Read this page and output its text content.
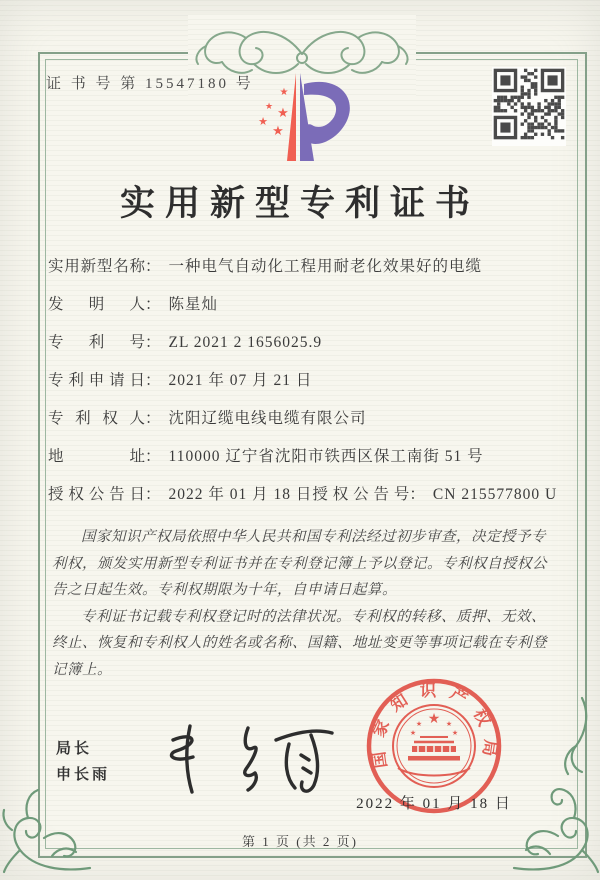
证 书 号 第 15547180 号
★
★ ★
★
★
实用新型专利证书
实用新型名称： 一种电气自动化工程用耐老化效果好的电缆
发明人： 陈星灿
专利号： ZL 2021 2 1656025.9
专利申请日： 2021 年 07 月 21 日
专利权人： 沈阳辽缆电线电缆有限公司
地址： 110000 辽宁省沈阳市铁西区保工南街 51 号
授权公告日： 2022 年 01 月 18 日 授权公告号： CN 215577800 U

国家知识产权局依照中华人民共和国专利法经过初步审查，决定授予专利权，颁发实用新型专利证书并在专利登记簿上予以登记。专利权自授权公告之日起生效。专利权期限为十年，自申请日起算。

专利证书记载专利权登记时的法律状况。专利权的转移、质押、无效、终止、恢复和专利权人的姓名或名称、国籍、地址变更等事项记载在专利登记簿上。

局长
申长雨
国家知识产权局
★
★	★
★	★
2022 年 01 月 18 日
第 1 页 (共 2 页)
